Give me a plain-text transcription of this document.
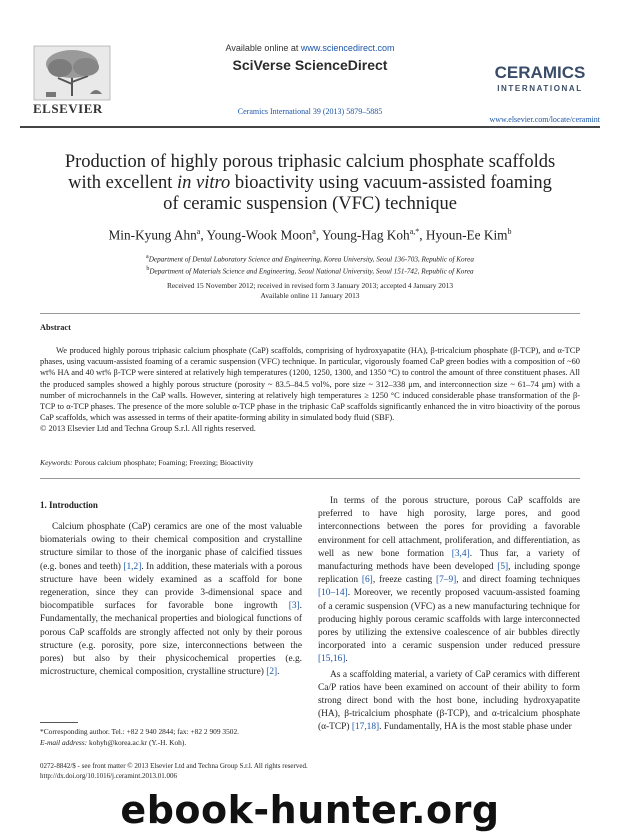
ELSEVIER
Available online at www.sciencedirect.com
SciVerse ScienceDirect
Ceramics International 39 (2013) 5879–5885
CERAMICS
INTERNATIONAL
www.elsevier.com/locate/ceramint
Production of highly porous triphasic calcium phosphate scaffolds
with excellent in vitro bioactivity using vacuum-assisted foaming
of ceramic suspension (VFC) technique
Min-Kyung Ahn$^a$, Young-Wook Moon$^a$, Young-Hag Koh$^{a,*}$, Hyoun-Ee Kim$^b$
$^a$Department of Dental Laboratory Science and Engineering, Korea University, Seoul 136-703, Republic of Korea
$^b$Department of Materials Science and Engineering, Seoul National University, Seoul 151-742, Republic of Korea
Received 15 November 2012; received in revised form 3 January 2013; accepted 4 January 2013
Available online 11 January 2013
Abstract
We produced highly porous triphasic calcium phosphate (CaP) scaffolds, comprising of hydroxyapatite (HA), β-tricalcium phosphate (β-TCP), and α-TCP phases, using vacuum-assisted foaming of a ceramic suspension (VFC) technique. In particular, vigorously foamed CaP green bodies with a composition of ~60 wt% HA and 40 wt% β-TCP were sintered at relatively high temperatures (1200, 1250, 1300, and 1350 °C) to control the amount of three constituent phases. All the produced samples showed a highly porous structure (porosity ~ 83.5–84.5 vol%, pore size ~ 312–338 μm, and interconnection size ~ 61–74 μm) with a number of microchannels in the CaP walls. However, sintering at relatively high temperatures ≥ 1250 °C induced considerable phase transformation of the β-TCP to α-TCP phases. The presence of the more soluble α-TCP phase in the triphasic CaP scaffolds significantly enhanced the in vitro bioactivity of the porous CaP scaffolds, which was assessed in terms of their apatite-forming ability in simulated body fluid (SBF).
© 2013 Elsevier Ltd and Techna Group S.r.l. All rights reserved.
Keywords: Porous calcium phosphate; Foaming; Freezing; Bioactivity
1. Introduction

Calcium phosphate (CaP) ceramics are one of the most valuable biomaterials owing to their chemical composition and crystalline structure similar to those of the inorganic phase of calcified tissues (e.g. bones and teeth) [1,2]. In addition, these materials with a porous structure have been widely examined as a scaffold for bone regeneration, since they can provide 3-dimensional space and biocompatible surfaces for favorable bone ingrowth [3]. Fundamentally, the mechanical properties and biological functions of porous CaP scaffolds are strongly affected not only by their porous structure (e.g. porosity, pore size, interconnections between the pores) but also by their physicochemical properties (e.g. microstructure, chemical composition, crystalline structure) [2].

In terms of the porous structure, porous CaP scaffolds are preferred to have high porosity, large pores, and good interconnections between the pores for providing a favorable environment for cell attachment, proliferation, and differentiation, as well as new bone formation [3,4]. Thus far, a variety of manufacturing methods have been developed [5], including sponge replication [6], freeze casting [7–9], and direct foaming techniques [10–14]. Moreover, we recently proposed vacuum-assisted foaming of a ceramic suspension (VFC) as a new manufacturing technique for producing highly porous ceramic scaffolds with large interconnected pores by utilizing the extensive coalescence of air bubbles directly incorporated into a ceramic suspension under reduced pressure [15,16].

As a scaffolding material, a variety of CaP ceramics with different Ca/P ratios have been examined on account of their ability to form strong direct bond with the host bone, including hydroxyapatite (HA), β-tricalcium phosphate (β-TCP), and α-tricalcium phosphate (α-TCP) [17,18]. Fundamentally, HA is the most stable phase under

*Corresponding author. Tel.: +82 2 940 2844; fax: +82 2 909 3502.
E-mail address: kohyh@korea.ac.kr (Y.-H. Koh).
0272-8842/$ - see front matter © 2013 Elsevier Ltd and Techna Group S.r.l. All rights reserved.
http://dx.doi.org/10.1016/j.ceramint.2013.01.006
ebook-hunter.org
